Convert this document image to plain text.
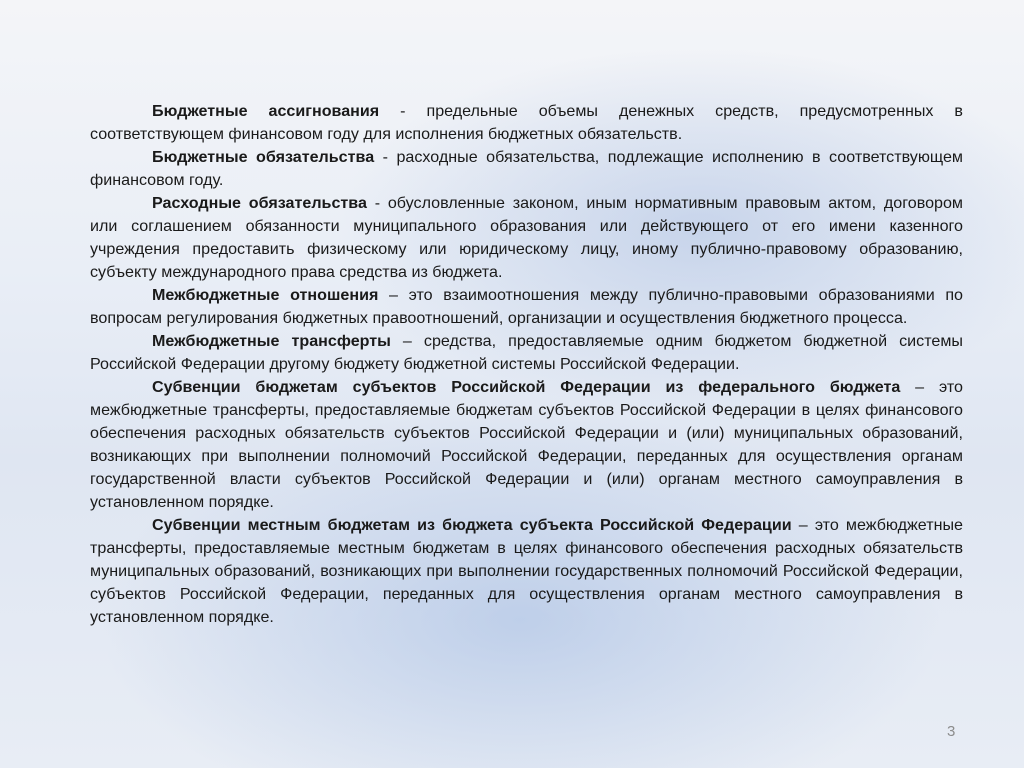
Бюджетные ассигнования - предельные объемы денежных средств, предусмотренных в соответствующем финансовом году для исполнения бюджетных обязательств.

Бюджетные обязательства - расходные обязательства, подлежащие исполнению в соответствующем финансовом году.

Расходные обязательства - обусловленные законом, иным нормативным правовым актом, договором или соглашением обязанности муниципального образования или действующего от его имени казенного учреждения предоставить физическому или юридическому лицу, иному публично-правовому образованию, субъекту международного права средства из бюджета.

Межбюджетные отношения – это взаимоотношения между публично-правовыми образованиями по вопросам регулирования бюджетных правоотношений, организации и осуществления бюджетного процесса.

Межбюджетные трансферты – средства, предоставляемые одним бюджетом бюджетной системы Российской Федерации другому бюджету бюджетной системы Российской Федерации.

Субвенции бюджетам субъектов Российской Федерации из федерального бюджета – это межбюджетные трансферты, предоставляемые бюджетам субъектов Российской Федерации в целях финансового обеспечения расходных обязательств субъектов Российской Федерации и (или) муниципальных образований, возникающих при выполнении полномочий Российской Федерации, переданных для осуществления органам государственной власти субъектов Российской Федерации и (или) органам местного самоуправления в установленном порядке.

Субвенции местным бюджетам из бюджета субъекта Российской Федерации – это межбюджетные трансферты, предоставляемые местным бюджетам в целях финансового обеспечения расходных обязательств муниципальных образований, возникающих при выполнении государственных полномочий Российской Федерации, субъектов Российской Федерации, переданных для осуществления органам местного самоуправления в установленном порядке.

3
